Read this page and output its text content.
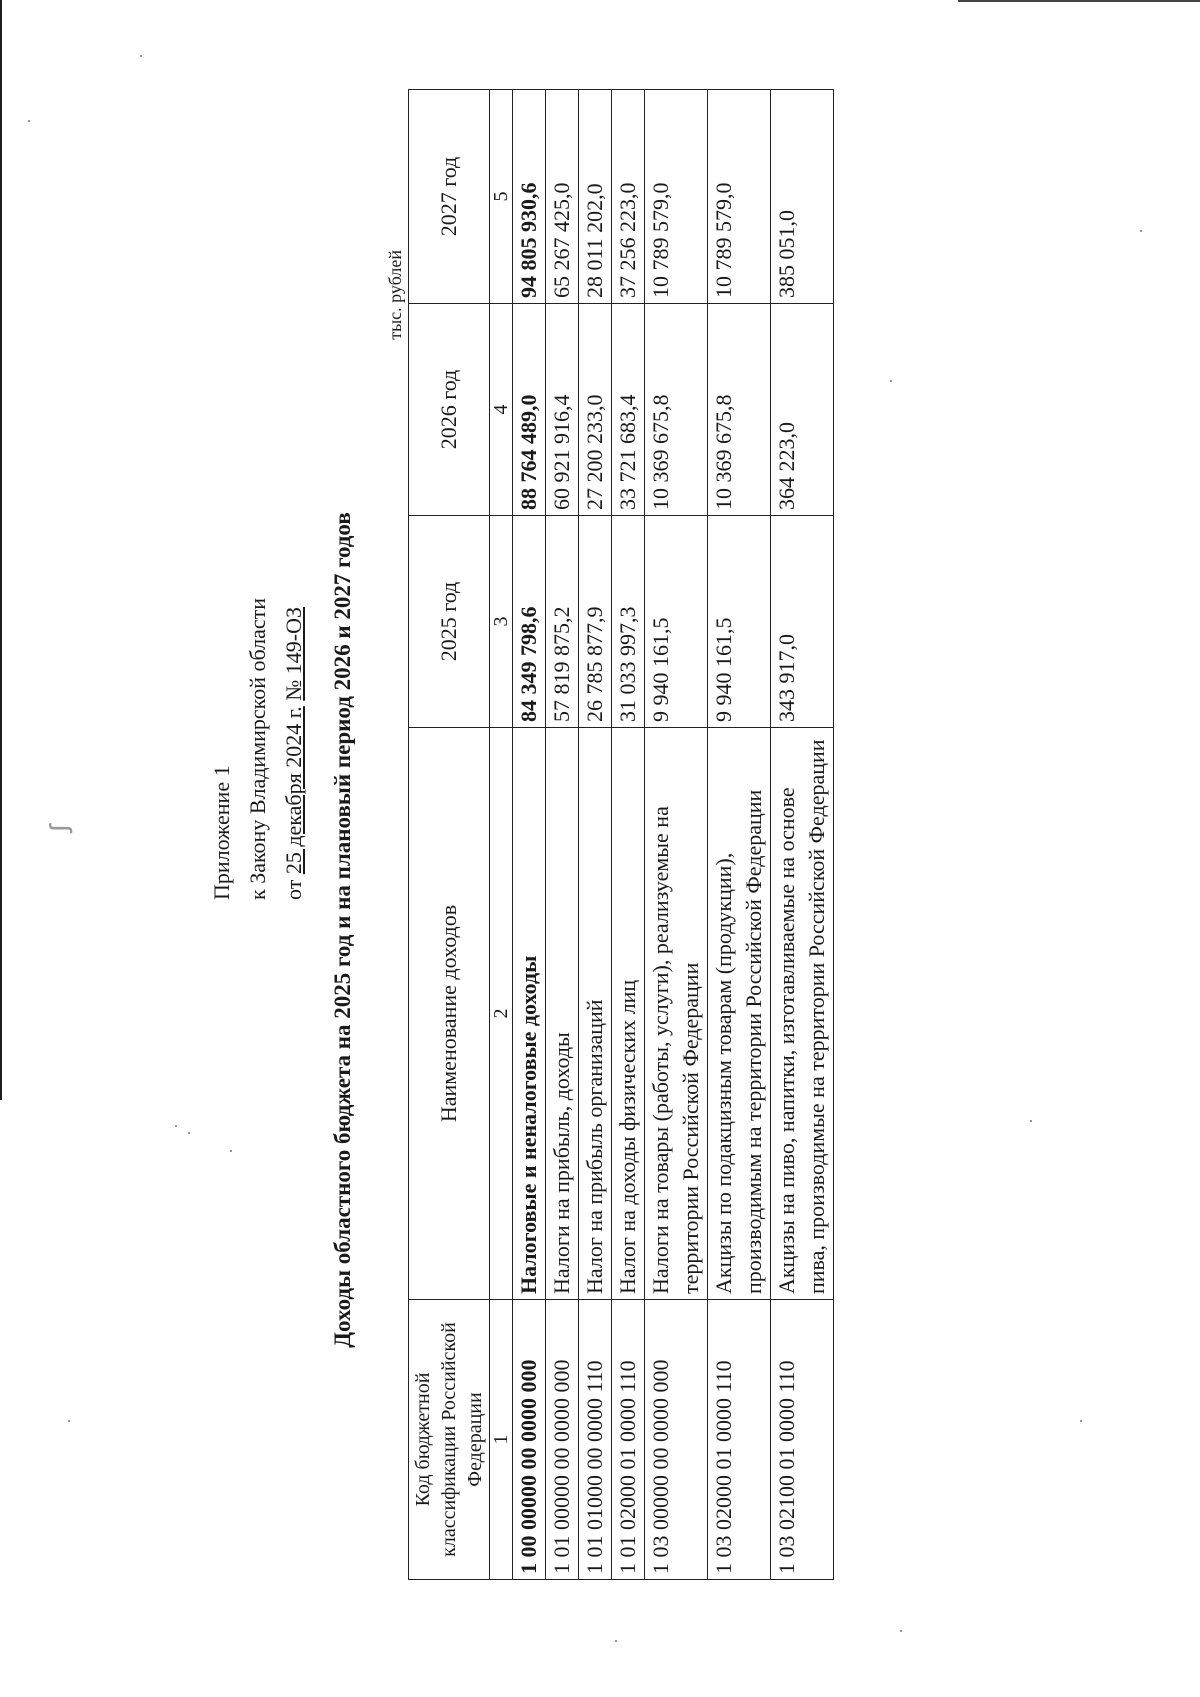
ꭍ	Приложение 1 к Закону Владимирской области от 25 декабря 2024 г. № 149-ОЗ Доходы областного бюджета на 2025 год и на плановый период 2026 и 2027 годов
тыс. рублей
Код бюджетной классификации Российской Федерации	Наименование доходов	2025 год	2026 год	2027 год
1	2	3	4	5
1 00 00000 00 0000 000	Налоговые и неналоговые доходы	84 349 798,6	88 764 489,0	94 805 930,6
1 01 00000 00 0000 000	Налоги на прибыль, доходы	57 819 875,2	60 921 916,4	65 267 425,0
1 01 01000 00 0000 110	Налог на прибыль организаций	26 785 877,9	27 200 233,0	28 011 202,0
1 01 02000 01 0000 110	Налог на доходы физических лиц	31 033 997,3	33 721 683,4	37 256 223,0
1 03 00000 00 0000 000	Налоги на товары (работы, услуги), реализуемые на территории Российской Федерации	9 940 161,5	10 369 675,8	10 789 579,0
1 03 02000 01 0000 110	Акцизы по подакцизным товарам (продукции), производимым на территории Российской Федерации	9 940 161,5	10 369 675,8	10 789 579,0
1 03 02100 01 0000 110	Акцизы на пиво, напитки, изготавливаемые на основе пива, производимые на территории Российской Федерации	343 917,0	364 223,0	385 051,0
